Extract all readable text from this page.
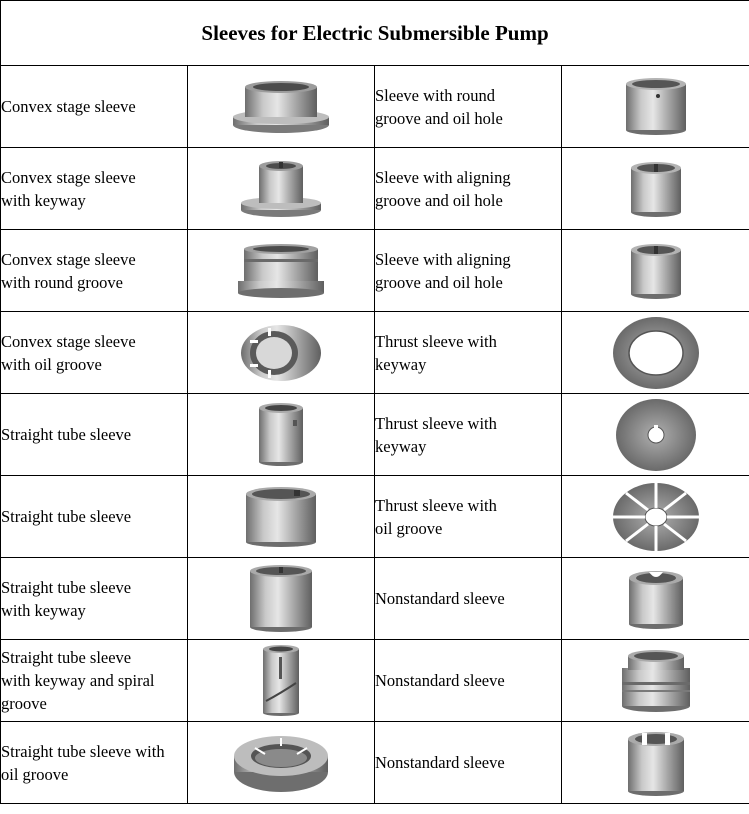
Sleeves for Electric Submersible Pump			
Convex stage sleeve		Sleeve with round
groove and oil hole	

Convex stage sleeve
with keyway		Sleeve with aligning
groove and oil hole	

Convex stage sleeve
with round groove		Sleeve with aligning
groove and oil hole	

Convex stage sleeve
with oil groove		Thrust sleeve with
keyway	

Straight tube sleeve		Thrust sleeve with
keyway	

Straight tube sleeve		Thrust sleeve with
oil groove	

Straight tube sleeve
with keyway		Nonstandard sleeve	

Straight tube sleeve
with keyway and spiral
groove		Nonstandard sleeve	

Straight tube sleeve with
oil groove		Nonstandard sleeve	
